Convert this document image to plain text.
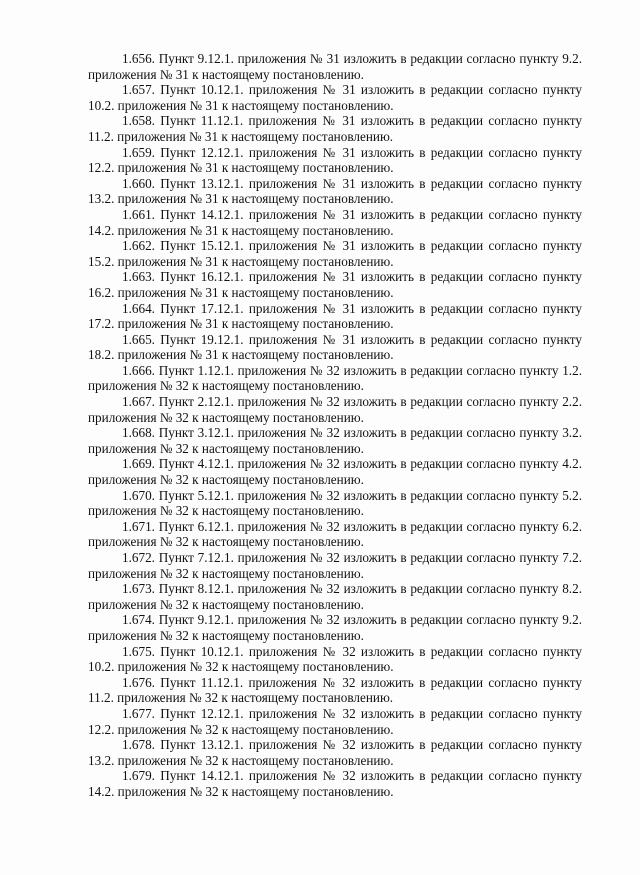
1.656. Пункт 9.12.1. приложения № 31 изложить в редакции согласно пункту 9.2. приложения № 31 к настоящему постановлению.

1.657. Пункт 10.12.1. приложения № 31 изложить в редакции согласно пункту 10.2. приложения № 31 к настоящему постановлению.

1.658. Пункт 11.12.1. приложения № 31 изложить в редакции согласно пункту 11.2. приложения № 31 к настоящему постановлению.

1.659. Пункт 12.12.1. приложения № 31 изложить в редакции согласно пункту 12.2. приложения № 31 к настоящему постановлению.

1.660. Пункт 13.12.1. приложения № 31 изложить в редакции согласно пункту 13.2. приложения № 31 к настоящему постановлению.

1.661. Пункт 14.12.1. приложения № 31 изложить в редакции согласно пункту 14.2. приложения № 31 к настоящему постановлению.

1.662. Пункт 15.12.1. приложения № 31 изложить в редакции согласно пункту 15.2. приложения № 31 к настоящему постановлению.

1.663. Пункт 16.12.1. приложения № 31 изложить в редакции согласно пункту 16.2. приложения № 31 к настоящему постановлению.

1.664. Пункт 17.12.1. приложения № 31 изложить в редакции согласно пункту 17.2. приложения № 31 к настоящему постановлению.

1.665. Пункт 19.12.1. приложения № 31 изложить в редакции согласно пункту 18.2. приложения № 31 к настоящему постановлению.

1.666. Пункт 1.12.1. приложения № 32 изложить в редакции согласно пункту 1.2. приложения № 32 к настоящему постановлению.

1.667. Пункт 2.12.1. приложения № 32 изложить в редакции согласно пункту 2.2. приложения № 32 к настоящему постановлению.

1.668. Пункт 3.12.1. приложения № 32 изложить в редакции согласно пункту 3.2. приложения № 32 к настоящему постановлению.

1.669. Пункт 4.12.1. приложения № 32 изложить в редакции согласно пункту 4.2. приложения № 32 к настоящему постановлению.

1.670. Пункт 5.12.1. приложения № 32 изложить в редакции согласно пункту 5.2. приложения № 32 к настоящему постановлению.

1.671. Пункт 6.12.1. приложения № 32 изложить в редакции согласно пункту 6.2. приложения № 32 к настоящему постановлению.

1.672. Пункт 7.12.1. приложения № 32 изложить в редакции согласно пункту 7.2. приложения № 32 к настоящему постановлению.

1.673. Пункт 8.12.1. приложения № 32 изложить в редакции согласно пункту 8.2. приложения № 32 к настоящему постановлению.

1.674. Пункт 9.12.1. приложения № 32 изложить в редакции согласно пункту 9.2. приложения № 32 к настоящему постановлению.

1.675. Пункт 10.12.1. приложения № 32 изложить в редакции согласно пункту 10.2. приложения № 32 к настоящему постановлению.

1.676. Пункт 11.12.1. приложения № 32 изложить в редакции согласно пункту 11.2. приложения № 32 к настоящему постановлению.

1.677. Пункт 12.12.1. приложения № 32 изложить в редакции согласно пункту 12.2. приложения № 32 к настоящему постановлению.

1.678. Пункт 13.12.1. приложения № 32 изложить в редакции согласно пункту 13.2. приложения № 32 к настоящему постановлению.

1.679. Пункт 14.12.1. приложения № 32 изложить в редакции согласно пункту 14.2. приложения № 32 к настоящему постановлению.
